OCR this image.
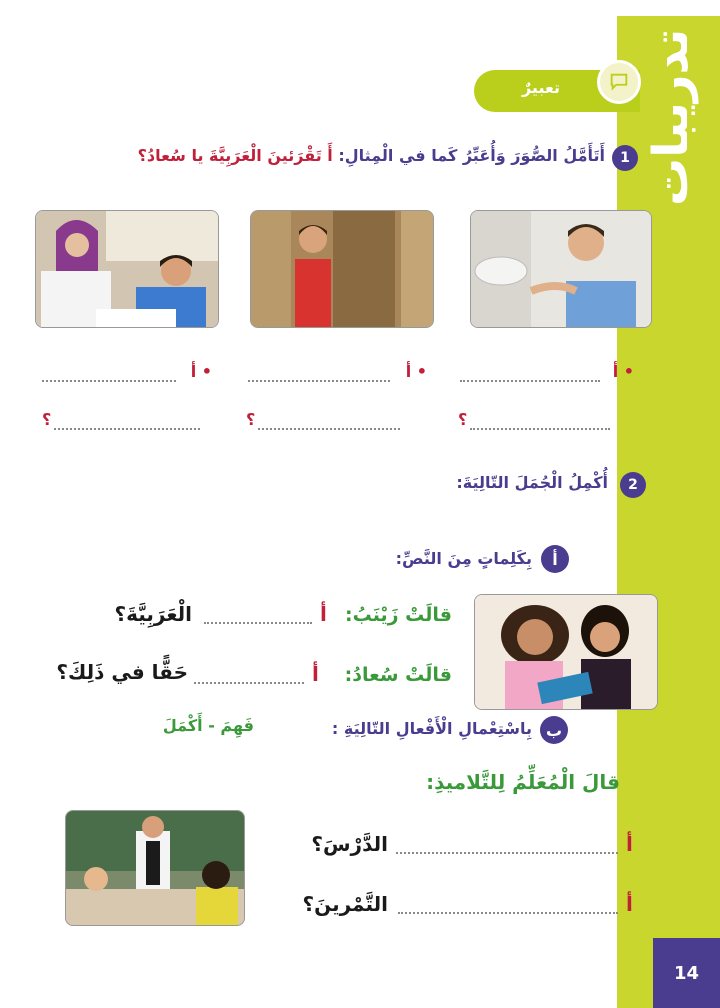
تدريبات
14
تعبيرٌ
1
أَتَأَمَّلُ الصُّوَرَ وَأُعَبِّرُ كَما في الْمِثالِ: أَ تَقْرَئينَ الْعَرَبِيَّةَ يا سُعادُ؟
• أ
• أ
• أ
؟
؟
؟
2
أُكْمِلُ الْجُمَلَ التّالِيَةَ:
أ
بِكَلِماتٍ مِنَ النَّصِّ:
قالَتْ زَيْنَبُ:
أ
الْعَرَبِيَّةَ؟
قالَتْ سُعادُ:
أ
حَقًّا في ذَلِكَ؟
ب
بِاسْتِعْمالِ الْأَفْعالِ التّالِيَةِ :
فَهِمَ - أَكْمَلَ
قالَ الْمُعَلِّمُ لِلتَّلاميذِ:
أ
الدَّرْسَ؟
أ
التَّمْرينَ؟
